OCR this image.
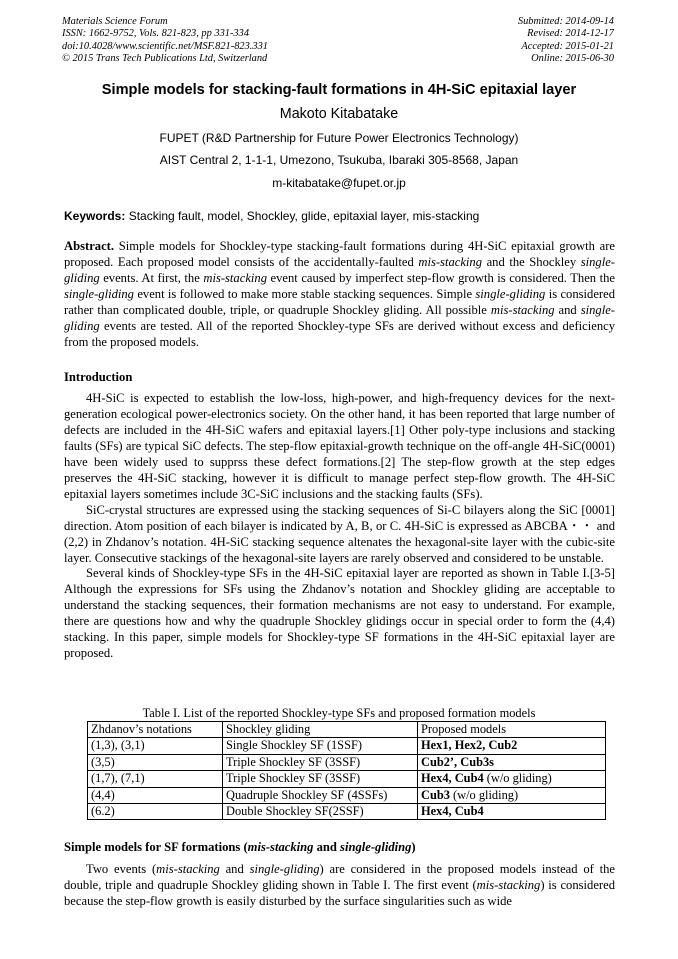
Materials Science Forum
ISSN: 1662-9752, Vols. 821-823, pp 331-334
doi:10.4028/www.scientific.net/MSF.821-823.331
© 2015 Trans Tech Publications Ltd, Switzerland
Submitted: 2014-09-14
Revised: 2014-12-17
Accepted: 2015-01-21
Online: 2015-06-30
Simple models for stacking-fault formations in 4H-SiC epitaxial layer
Makoto Kitabatake
FUPET (R&D Partnership for Future Power Electronics Technology)
AIST Central 2, 1-1-1, Umezono, Tsukuba, Ibaraki 305-8568, Japan
m-kitabatake@fupet.or.jp
Keywords: Stacking fault, model, Shockley, glide, epitaxial layer, mis-stacking

Abstract. Simple models for Shockley-type stacking-fault formations during 4H-SiC epitaxial growth are proposed. Each proposed model consists of the accidentally-faulted mis-stacking and the Shockley single-gliding events. At first, the mis-stacking event caused by imperfect step-flow growth is considered. Then the single-gliding event is followed to make more stable stacking sequences. Simple single-gliding is considered rather than complicated double, triple, or quadruple Shockley gliding. All possible mis-stacking and single-gliding events are tested. All of the reported Shockley-type SFs are derived without excess and deficiency from the proposed models.

Introduction

4H-SiC is expected to establish the low-loss, high-power, and high-frequency devices for the next-generation ecological power-electronics society. On the other hand, it has been reported that large number of defects are included in the 4H-SiC wafers and epitaxial layers.[1] Other poly-type inclusions and stacking faults (SFs) are typical SiC defects. The step-flow epitaxial-growth technique on the off-angle 4H-SiC(0001) have been widely used to supprss these defect formations.[2] The step-flow growth at the step edges preserves the 4H-SiC stacking, however it is difficult to manage perfect step-flow growth. The 4H-SiC epitaxial layers sometimes include 3C-SiC inclusions and the stacking faults (SFs).

SiC-crystal structures are expressed using the stacking sequences of Si-C bilayers along the SiC [0001] direction. Atom position of each bilayer is indicated by A, B, or C. 4H-SiC is expressed as ABCBA・・ and (2,2) in Zhdanov’s notation. 4H-SiC stacking sequence altenates the hexagonal-site layer with the cubic-site layer. Consecutive stackings of the hexagonal-site layers are rarely observed and considered to be unstable.

Several kinds of Shockley-type SFs in the 4H-SiC epitaxial layer are reported as shown in Table I.[3-5] Although the expressions for SFs using the Zhdanov’s notation and Shockley gliding are acceptable to understand the stacking sequences, their formation mechanisms are not easy to understand. For example, there are questions how and why the quadruple Shockley glidings occur in special order to form the (4,4) stacking. In this paper, simple models for Shockley-type SF formations in the 4H-SiC epitaxial layer are proposed.

Table I. List of the reported Shockley-type SFs and proposed formation models
Zhdanov’s notations	Shockley gliding	Proposed models
(1,3), (3,1)	Single Shockley SF (1SSF)	Hex1, Hex2, Cub2
(3,5)	Triple Shockley SF (3SSF)	Cub2’, Cub3s
(1,7), (7,1)	Triple Shockley SF (3SSF)	Hex4, Cub4 (w/o gliding)
(4,4)	Quadruple Shockley SF (4SSFs)	Cub3 (w/o gliding)
(6.2)	Double Shockley SF(2SSF)	Hex4, Cub4
Simple models for SF formations (mis-stacking and single-gliding)

Two events (mis-stacking and single-gliding) are considered in the proposed models instead of the double, triple and quadruple Shockley gliding shown in Table I. The first event (mis-stacking) is considered because the step-flow growth is easily disturbed by the surface singularities such as wide
